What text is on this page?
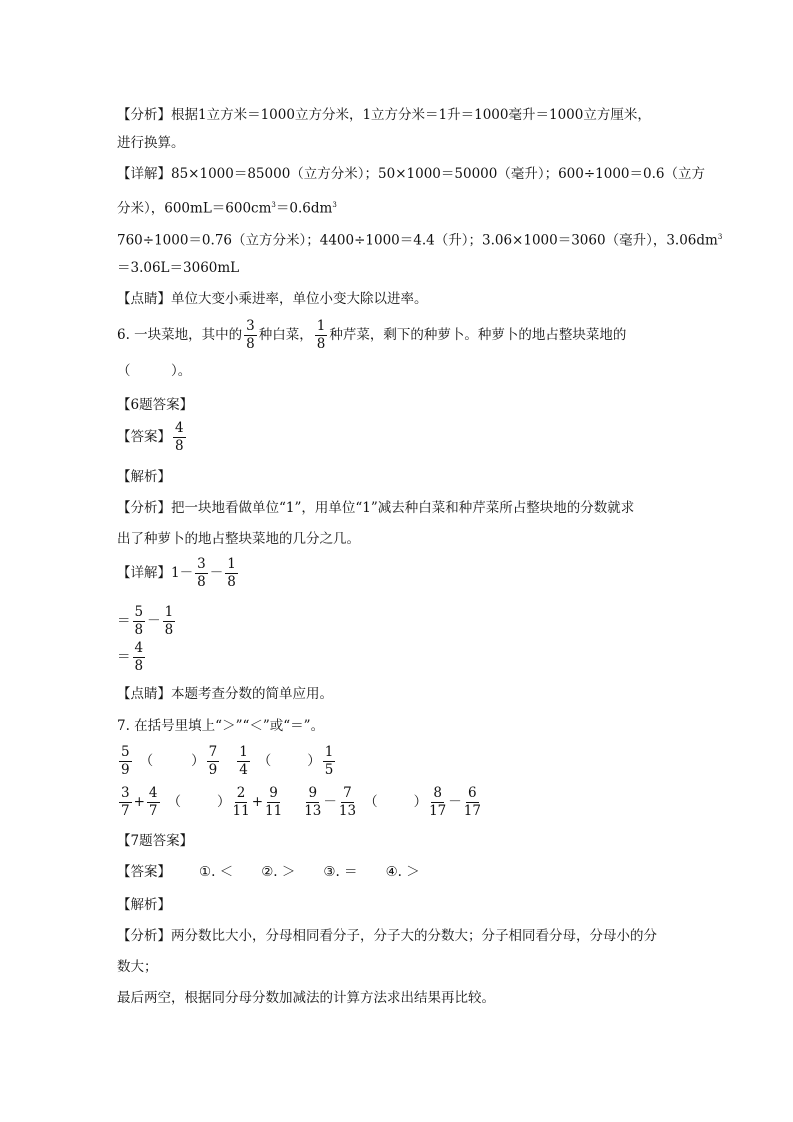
【分析】根据1立方米＝1000立方分米，1立方分米＝1升＝1000毫升＝1000立方厘米，
进行换算。
【详解】85×1000＝85000（立方分米）；50×1000＝50000（毫升）；600÷1000＝0.6（立方
分米），$600mL=600cm^3=0.6dm^3$
760÷1000＝0.76（立方分米）；4400÷1000＝4.4（升）；3.06×1000＝3060（毫升），$3.06dm^3$
＝3.06L＝3060mL
【点睛】单位大变小乘进率，单位小变大除以进率。
6. 一块菜地，其中的 $\frac{3}{8}$ 种白菜， $\frac{1}{8}$ 种芹菜，剩下的种萝卜。种萝卜的地占整块菜地的
（　　　）。
【6题答案】
【答案】 $\frac{4}{8}$
【解析】
【分析】把一块地看做单位“1”，用单位“1”减去种白菜和种芹菜所占整块地的分数就求
出了种萝卜的地占整块菜地的几分之几。
【详解】$1- \frac{3}{8} - \frac{1}{8}$
＝ $\frac{5}{8} - \frac{1}{8}$
＝ $\frac{4}{8}$
【点睛】本题考查分数的简单应用。
7. 在括号里填上“＞”“＜”或“＝”。
$\frac{5}{9}$ （	） $\frac{7}{9} \frac{1}{4}$ （	） $\frac{1}{5}$
$\frac{3}{7} + \frac{4}{7}$ （	） $\frac{2}{11} + \frac{9}{11} \frac{9}{13} - \frac{7}{13}$ （	） $\frac{8}{17} - \frac{6}{17}$
【7题答案】
【答案】 ①. ＜ ②. ＞ ③. ＝ ④. ＞
【解析】
【分析】两分数比大小，分母相同看分子，分子大的分数大；分子相同看分母，分母小的分
数大；
最后两空，根据同分母分数加减法的计算方法求出结果再比较。
